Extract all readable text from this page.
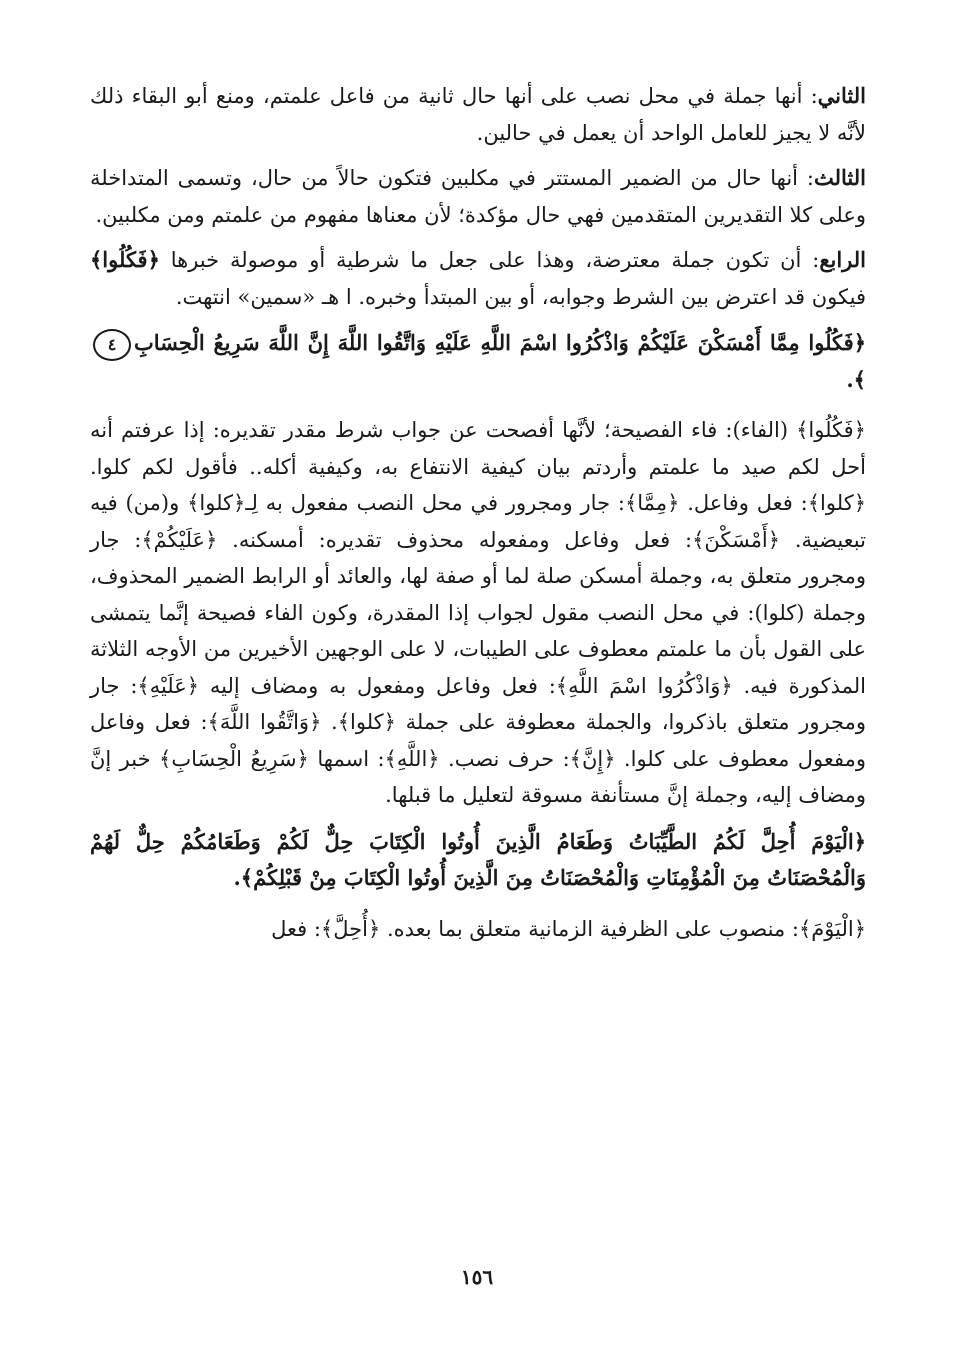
الثاني: أنها جملة في محل نصب على أنها حال ثانية من فاعل علمتم، ومنع أبو البقاء ذلك لأنَّه لا يجيز للعامل الواحد أن يعمل في حالين.

الثالث: أنها حال من الضمير المستتر في مكلبين فتكون حالاً من حال، وتسمى المتداخلة وعلى كلا التقديرين المتقدمين فهي حال مؤكدة؛ لأن معناها مفهوم من علمتم ومن مكلبين.

الرابع: أن تكون جملة معترضة، وهذا على جعل ما شرطية أو موصولة خبرها ﴿فَكُلُوا﴾ فيكون قد اعترض بين الشرط وجوابه، أو بين المبتدأ وخبره. ا هـ «سمين» انتهت.

﴿فَكُلُوا مِمَّا أَمْسَكْنَ عَلَيْكُمْ وَاذْكُرُوا اسْمَ اللَّهِ عَلَيْهِ وَاتَّقُوا اللَّهَ إِنَّ اللَّهَ سَرِيعُ الْحِسَابِ٤﴾.

﴿فَكُلُوا﴾ (الفاء): فاء الفصيحة؛ لأنَّها أفصحت عن جواب شرط مقدر تقديره: إذا عرفتم أنه أحل لكم صيد ما علمتم وأردتم بيان كيفية الانتفاع به، وكيفية أكله.. فأقول لكم كلوا. ﴿كلوا﴾: فعل وفاعل. ﴿مِمَّا﴾: جار ومجرور في محل النصب مفعول به لِـ﴿كلوا﴾ و(من) فيه تبعيضية. ﴿أَمْسَكْنَ﴾: فعل وفاعل ومفعوله محذوف تقديره: أمسكنه. ﴿عَلَيْكُمْ﴾: جار ومجرور متعلق به، وجملة أمسكن صلة لما أو صفة لها، والعائد أو الرابط الضمير المحذوف، وجملة (كلوا): في محل النصب مقول لجواب إذا المقدرة، وكون الفاء فصيحة إنَّما يتمشى على القول بأن ما علمتم معطوف على الطيبات، لا على الوجهين الأخيرين من الأوجه الثلاثة المذكورة فيه. ﴿وَاذْكُرُوا اسْمَ اللَّهِ﴾: فعل وفاعل ومفعول به ومضاف إليه ﴿عَلَيْهِ﴾: جار ومجرور متعلق باذكروا، والجملة معطوفة على جملة ﴿كلوا﴾. ﴿وَاتَّقُوا اللَّهَ﴾: فعل وفاعل ومفعول معطوف على كلوا. ﴿إِنَّ﴾: حرف نصب. ﴿اللَّهِ﴾: اسمها ﴿سَرِيعُ الْحِسَابِ﴾ خبر إنَّ ومضاف إليه، وجملة إنَّ مستأنفة مسوقة لتعليل ما قبلها.

﴿الْيَوْمَ أُحِلَّ لَكُمُ الطَّيِّبَاتُ وَطَعَامُ الَّذِينَ أُوتُوا الْكِتَابَ حِلٌّ لَكُمْ وَطَعَامُكُمْ حِلٌّ لَهُمْ وَالْمُحْصَنَاتُ مِنَ الْمُؤْمِنَاتِ وَالْمُحْصَنَاتُ مِنَ الَّذِينَ أُوتُوا الْكِتَابَ مِنْ قَبْلِكُمْ﴾.

﴿الْيَوْمَ﴾: منصوب على الظرفية الزمانية متعلق بما بعده. ﴿أُحِلَّ﴾: فعل

١٥٦
